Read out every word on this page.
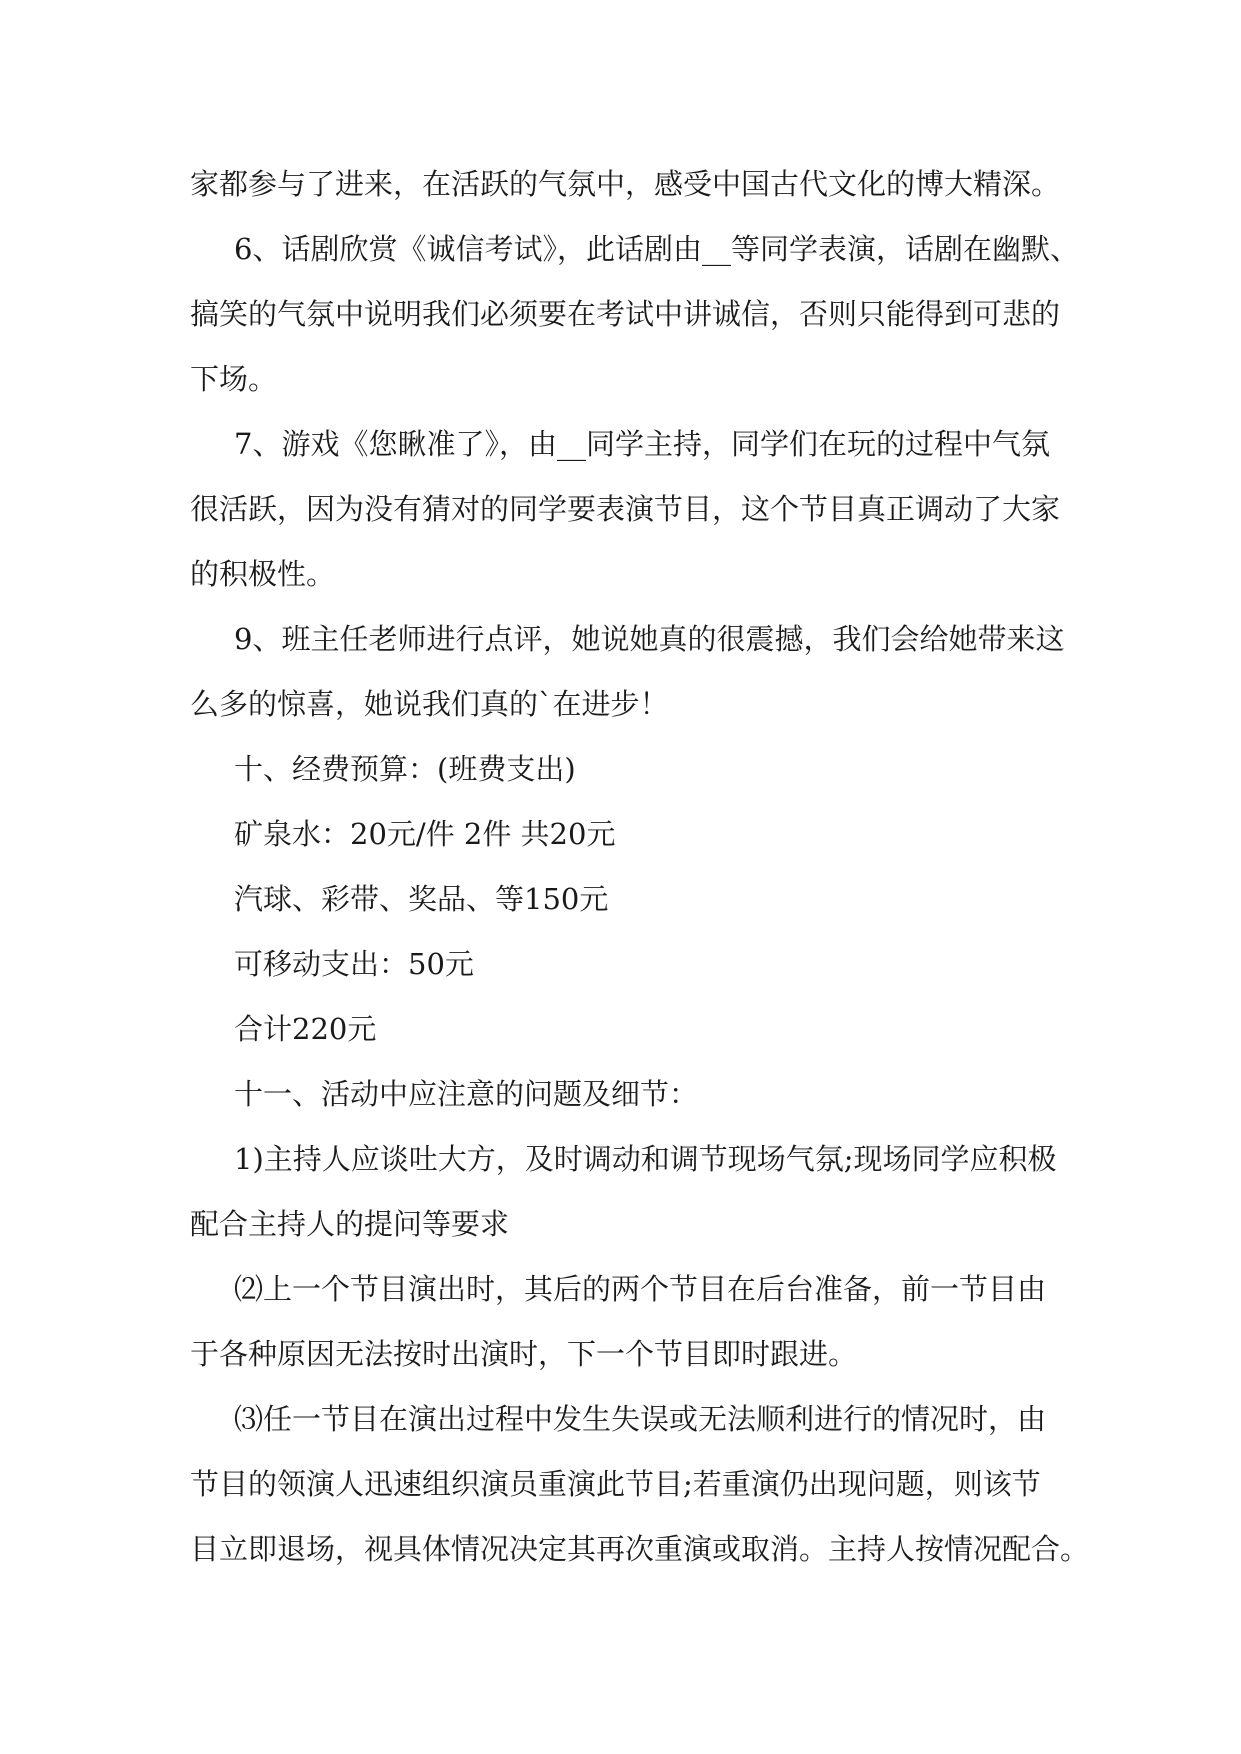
家都参与了进来，在活跃的气氛中，感受中国古代文化的博大精深。
6、话剧欣赏《诚信考试》，此话剧由__等同学表演，话剧在幽默、
搞笑的气氛中说明我们必须要在考试中讲诚信，否则只能得到可悲的
下场。
7、游戏《您瞅准了》，由__同学主持，同学们在玩的过程中气氛
很活跃，因为没有猜对的同学要表演节目，这个节目真正调动了大家
的积极性。
9、班主任老师进行点评，她说她真的很震撼，我们会给她带来这
么多的惊喜，她说我们真的`在进步！
十、经费预算：(班费支出)
矿泉水：20元/件 2件 共20元
汽球、彩带、奖品、等150元
可移动支出：50元
合计220元
十一、活动中应注意的问题及细节：
1)主持人应谈吐大方，及时调动和调节现场气氛;现场同学应积极
配合主持人的提问等要求
⑵上一个节目演出时，其后的两个节目在后台准备，前一节目由
于各种原因无法按时出演时，下一个节目即时跟进。
⑶任一节目在演出过程中发生失误或无法顺利进行的情况时，由
节目的领演人迅速组织演员重演此节目;若重演仍出现问题，则该节
目立即退场，视具体情况决定其再次重演或取消。主持人按情况配合。
